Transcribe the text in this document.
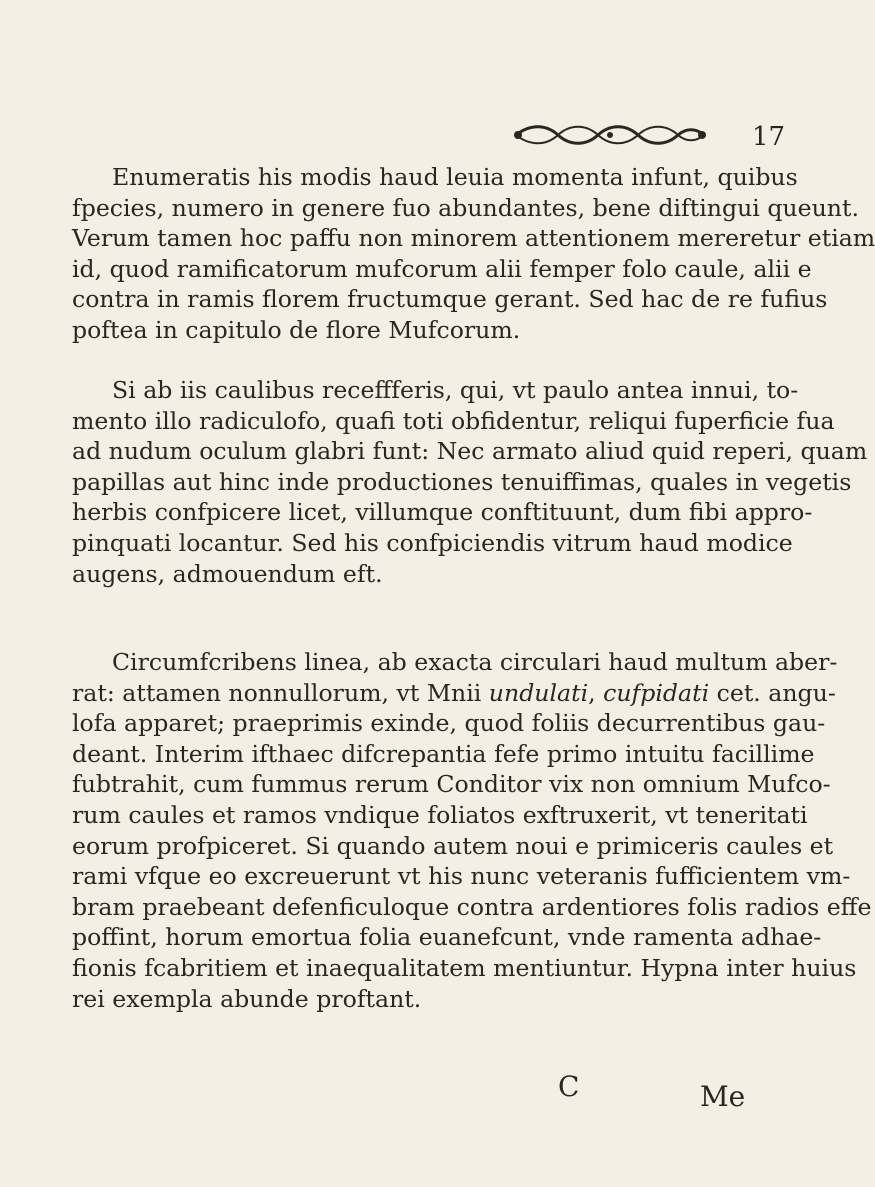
17
Enumeratis his modis haud leuia momenta infunt, quibus
fpecies, numero in genere fuo abundantes, bene diftingui queunt.
Verum tamen hoc paffu non minorem attentionem mereretur etiam
id, quod ramificatorum mufcorum alii femper folo caule, alii e
contra in ramis florem fructumque gerant. Sed hac de re fufius
poftea in capitulo de flore Mufcorum.
Si ab iis caulibus receffferis, qui, vt paulo antea innui, to-
mento illo radiculofo, quafi toti obfidentur, reliqui fuperficie fua
ad nudum oculum glabri funt: Nec armato aliud quid reperi, quam
papillas aut hinc inde productiones tenuiffimas, quales in vegetis
herbis confpicere licet, villumque conftituunt, dum fibi appro-
pinquati locantur. Sed his confpiciendis vitrum haud modice
augens, admouendum eft.
Circumfcribens linea, ab exacta circulari haud multum aber-
rat: attamen nonnullorum, vt Mnii undulati, cufpidati cet. angu-
lofa apparet; praeprimis exinde, quod foliis decurrentibus gau-
deant. Interim ifthaec difcrepantia fefe primo intuitu facillime
fubtrahit, cum fummus rerum Conditor vix non omnium Mufco-
rum caules et ramos vndique foliatos exftruxerit, vt teneritati
eorum profpiceret. Si quando autem noui e primiceris caules et
rami vfque eo excreuerunt vt his nunc veteranis fufficientem vm-
bram praebeant defenficuloque contra ardentiores folis radios effe
poffint, horum emortua folia euanefcunt, vnde ramenta adhae-
fionis fcabritiem et inaequalitatem mentiuntur. Hypna inter huius
rei exempla abunde proftant.
C	Me
